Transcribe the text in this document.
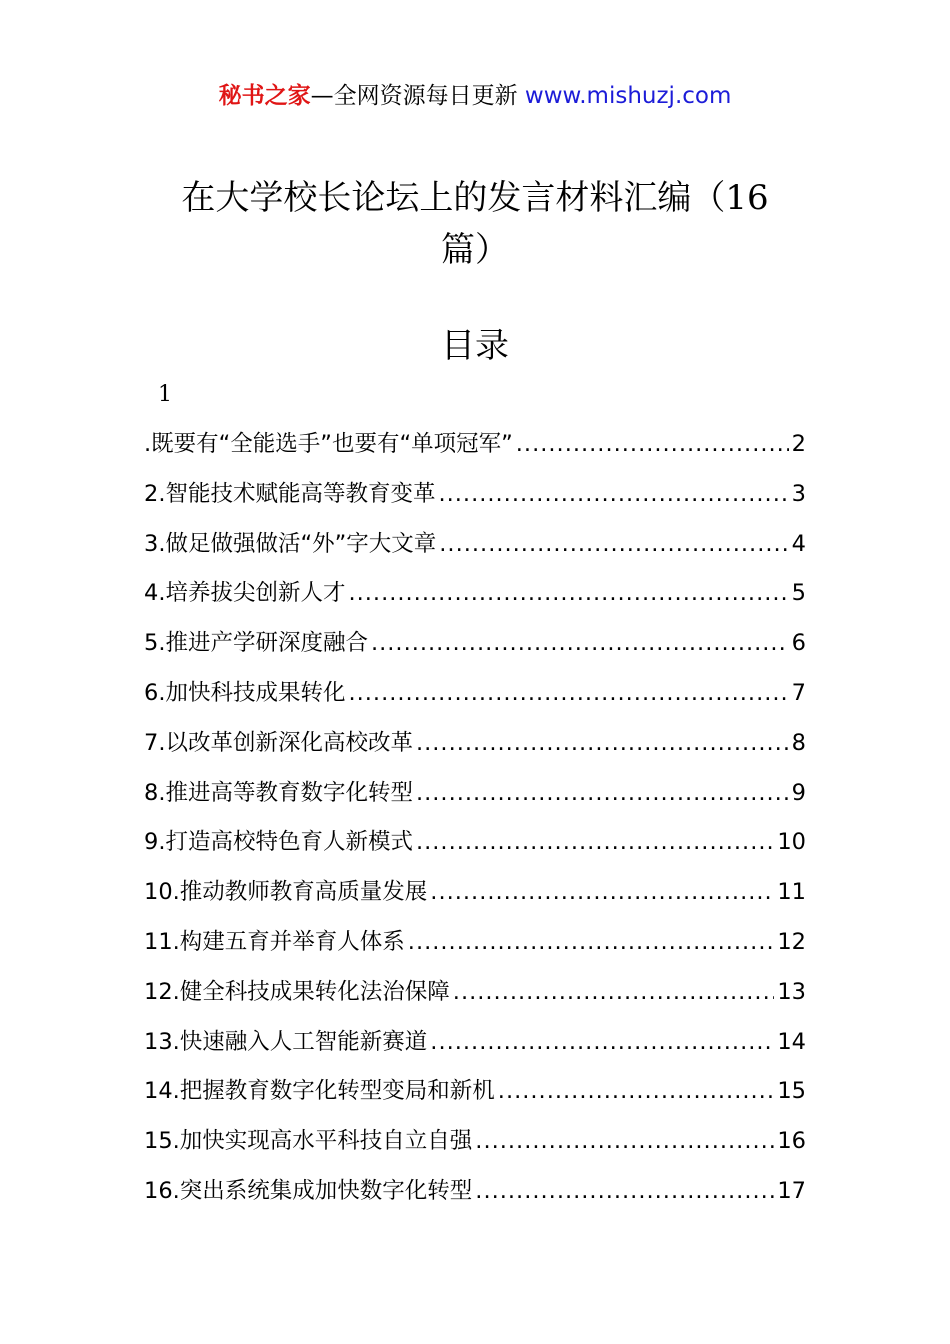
秘书之家—全网资源每日更新 www.mishuzj.com
在大学校长论坛上的发言材料汇编（16
篇）
目录
1
.既要有“全能选手”也要有“单项冠军” .....	2
2.智能技术赋能高等教育变革 .....	3
3.做足做强做活“外”字大文章 .....	4
4.培养拔尖创新人才 .....	5
5.推进产学研深度融合 .....	6
6.加快科技成果转化 .....	7
7.以改革创新深化高校改革 .....	8
8.推进高等教育数字化转型 .....	9
9.打造高校特色育人新模式 .....	10
10.推动教师教育高质量发展 .....	11
11.构建五育并举育人体系 .....	12
12.健全科技成果转化法治保障 .....	13
13.快速融入人工智能新赛道 .....	14
14.把握教育数字化转型变局和新机 .....	15
15.加快实现高水平科技自立自强 .....	16
16.突出系统集成加快数字化转型 .....	17
